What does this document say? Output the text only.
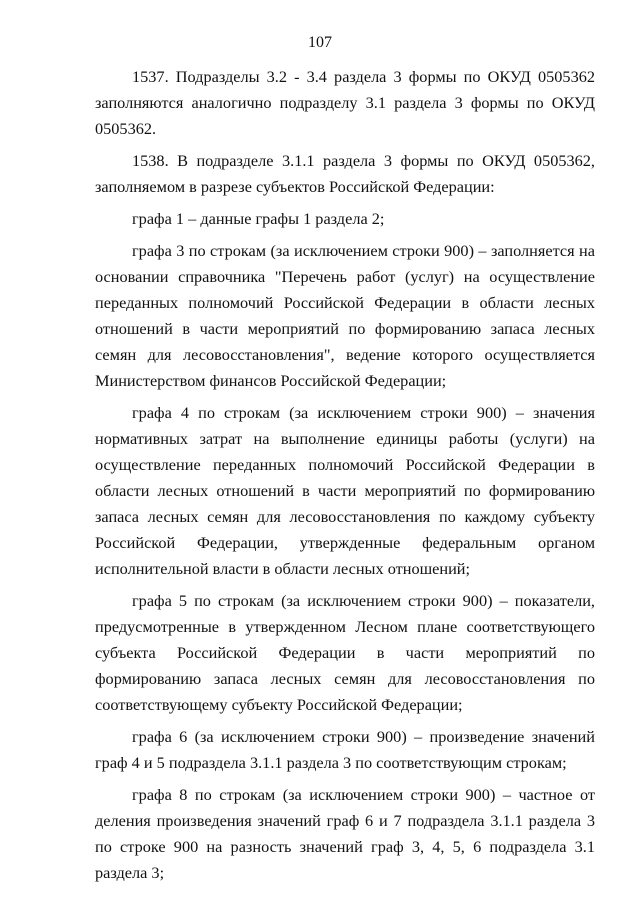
107

1537. Подразделы 3.2 - 3.4 раздела 3 формы по ОКУД 0505362 заполняются аналогично подразделу 3.1 раздела 3 формы по ОКУД 0505362.

1538. В подразделе 3.1.1 раздела 3 формы по ОКУД 0505362, заполняемом в разрезе субъектов Российской Федерации:

графа 1 – данные графы 1 раздела 2;

графа 3 по строкам (за исключением строки 900) – заполняется на основании справочника "Перечень работ (услуг) на осуществление переданных полномочий Российской Федерации в области лесных отношений в части мероприятий по формированию запаса лесных семян для лесовосстановления", ведение которого осуществляется Министерством финансов Российской Федерации;

графа 4 по строкам (за исключением строки 900) – значения нормативных затрат на выполнение единицы работы (услуги) на осуществление переданных полномочий Российской Федерации в области лесных отношений в части мероприятий по формированию запаса лесных семян для лесовосстановления по каждому субъекту Российской Федерации, утвержденные федеральным органом исполнительной власти в области лесных отношений;

графа 5 по строкам (за исключением строки 900) – показатели, предусмотренные в утвержденном Лесном плане соответствующего субъекта Российской Федерации в части мероприятий по формированию запаса лесных семян для лесовосстановления по соответствующему субъекту Российской Федерации;

графа 6 (за исключением строки 900) – произведение значений граф 4 и 5 подраздела 3.1.1 раздела 3 по соответствующим строкам;

графа 8 по строкам (за исключением строки 900) – частное от деления произведения значений граф 6 и 7 подраздела 3.1.1 раздела 3 по строке 900 на разность значений граф 3, 4, 5, 6 подраздела 3.1 раздела 3;
